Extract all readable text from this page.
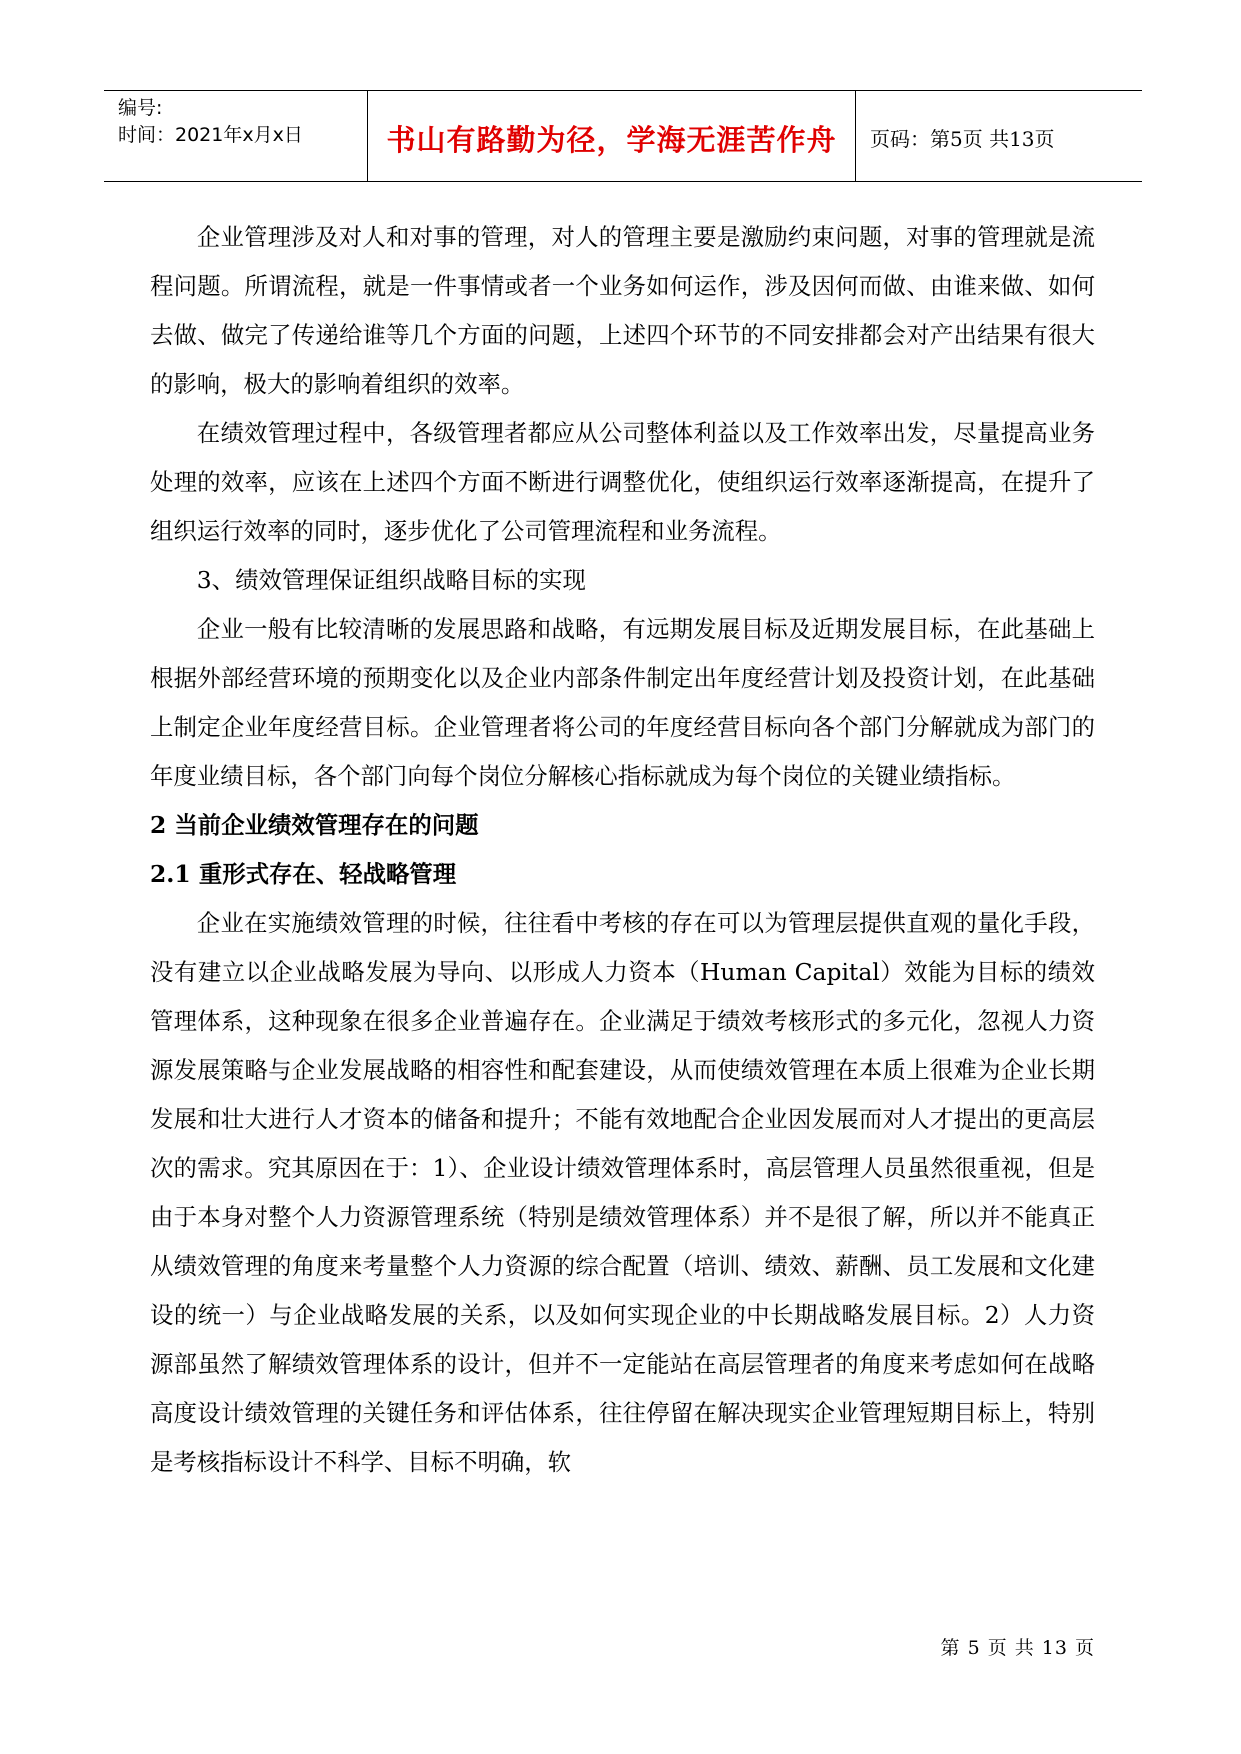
编号:
时间：2021年x月x日	书山有路勤为径，学海无涯苦作舟	页码：第5页 共13页

企业管理涉及对人和对事的管理，对人的管理主要是激励约束问题，对事的管理就是流程问题。所谓流程，就是一件事情或者一个业务如何运作，涉及因何而做、由谁来做、如何去做、做完了传递给谁等几个方面的问题，上述四个环节的不同安排都会对产出结果有很大的影响，极大的影响着组织的效率。

在绩效管理过程中，各级管理者都应从公司整体利益以及工作效率出发，尽量提高业务处理的效率，应该在上述四个方面不断进行调整优化，使组织运行效率逐渐提高，在提升了组织运行效率的同时，逐步优化了公司管理流程和业务流程。

3、绩效管理保证组织战略目标的实现

企业一般有比较清晰的发展思路和战略，有远期发展目标及近期发展目标，在此基础上根据外部经营环境的预期变化以及企业内部条件制定出年度经营计划及投资计划，在此基础上制定企业年度经营目标。企业管理者将公司的年度经营目标向各个部门分解就成为部门的年度业绩目标，各个部门向每个岗位分解核心指标就成为每个岗位的关键业绩指标。

2 当前企业绩效管理存在的问题

2.1 重形式存在、轻战略管理

企业在实施绩效管理的时候，往往看中考核的存在可以为管理层提供直观的量化手段，没有建立以企业战略发展为导向、以形成人力资本（Human Capital）效能为目标的绩效管理体系，这种现象在很多企业普遍存在。企业满足于绩效考核形式的多元化，忽视人力资源发展策略与企业发展战略的相容性和配套建设，从而使绩效管理在本质上很难为企业长期发展和壮大进行人才资本的储备和提升；不能有效地配合企业因发展而对人才提出的更高层次的需求。究其原因在于：1）、企业设计绩效管理体系时，高层管理人员虽然很重视，但是由于本身对整个人力资源管理系统（特别是绩效管理体系）并不是很了解，所以并不能真正从绩效管理的角度来考量整个人力资源的综合配置（培训、绩效、薪酬、员工发展和文化建设的统一）与企业战略发展的关系，以及如何实现企业的中长期战略发展目标。2）人力资源部虽然了解绩效管理体系的设计，但并不一定能站在高层管理者的角度来考虑如何在战略高度设计绩效管理的关键任务和评估体系，往往停留在解决现实企业管理短期目标上，特别是考核指标设计不科学、目标不明确，软

第 5 页 共 13 页
